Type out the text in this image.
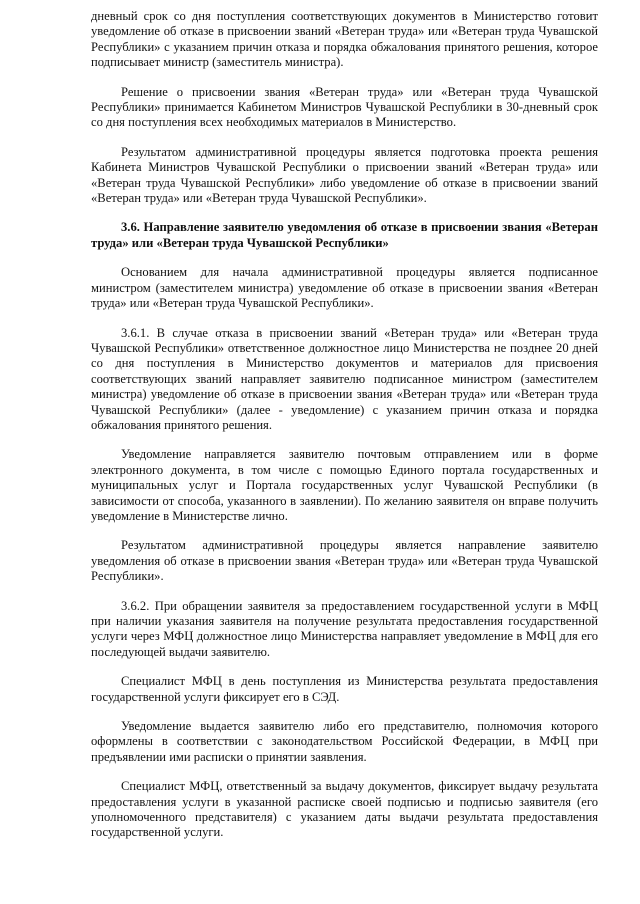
дневный срок со дня поступления соответствующих документов в Министерство готовит уведомление об отказе в присвоении званий «Ветеран труда» или «Ветеран труда Чувашской Республики» с указанием причин отказа и порядка обжалования принятого решения, которое подписывает министр (заместитель министра).

Решение о присвоении звания «Ветеран труда» или «Ветеран труда Чувашской Республики» принимается Кабинетом Министров Чувашской Республики в 30-дневный срок со дня поступления всех необходимых материалов в Министерство.

Результатом административной процедуры является подготовка проекта решения Кабинета Министров Чувашской Республики о присвоении званий «Ветеран труда» или «Ветеран труда Чувашской Республики» либо уведомление об отказе в присвоении званий «Ветеран труда» или «Ветеран труда Чувашской Республики».

3.6. Направление заявителю уведомления об отказе в присвоении звания «Ветеран труда» или «Ветеран труда Чувашской Республики»

Основанием для начала административной процедуры является подписанное министром (заместителем министра) уведомление об отказе в присвоении звания «Ветеран труда» или «Ветеран труда Чувашской Республики».

3.6.1. В случае отказа в присвоении званий «Ветеран труда» или «Ветеран труда Чувашской Республики» ответственное должностное лицо Министерства не позднее 20 дней со дня поступления в Министерство документов и материалов для присвоения соответствующих званий направляет заявителю подписанное министром (заместителем министра) уведомление об отказе в присвоении звания «Ветеран труда» или «Ветеран труда Чувашской Республики» (далее - уведомление) с указанием причин отказа и порядка обжалования принятого решения.

Уведомление направляется заявителю почтовым отправлением или в форме электронного документа, в том числе с помощью Единого портала государственных и муниципальных услуг и Портала государственных услуг Чувашской Республики (в зависимости от способа, указанного в заявлении). По желанию заявителя он вправе получить уведомление в Министерстве лично.

Результатом административной процедуры является направление заявителю уведомления об отказе в присвоении звания «Ветеран труда» или «Ветеран труда Чувашской Республики».

3.6.2. При обращении заявителя за предоставлением государственной услуги в МФЦ при наличии указания заявителя на получение результата предоставления государственной услуги через МФЦ должностное лицо Министерства направляет уведомление в МФЦ для его последующей выдачи заявителю.

Специалист МФЦ в день поступления из Министерства результата предоставления государственной услуги фиксирует его в СЭД.

Уведомление выдается заявителю либо его представителю, полномочия которого оформлены в соответствии с законодательством Российской Федерации, в МФЦ при предъявлении ими расписки о принятии заявления.

Специалист МФЦ, ответственный за выдачу документов, фиксирует выдачу результата предоставления услуги в указанной расписке своей подписью и подписью заявителя (его уполномоченного представителя) с указанием даты выдачи результата предоставления государственной услуги.
